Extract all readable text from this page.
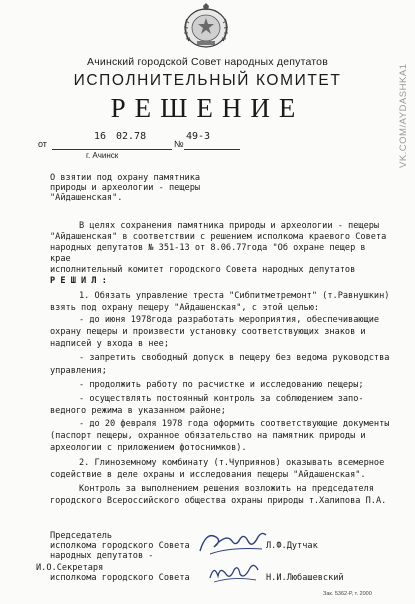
VK.COM/AYDASHKA1
Ачинский городской Совет народных депутатов
ИСПОЛНИТЕЛЬНЫЙ КОМИТЕТ
РЕШЕНИЕ
от
16 02.78
№
49-3
г. Ачинск
О взятии под охрану памятника
природы и археологии - пещеры
"Айдашенская".
В целях сохранения памятника природы и археологии - пещеры
"Айдашенская" в соответствии с решением исполкома краевого Совета
народных депутатов № 351-13 от 8.06.77года "Об охране пещер в
крае
исполнительный комитет городского Совета народных депутатов
Р Е Ш И Л :
1. Обязать управление треста "Сибпитметремонт" (т.Равнушкин)
взять под охрану пещеру "Айдашенская", с этой целью:
- до июня 1978года разработать мероприятия, обеспечивающие
охрану пещеры и произвести установку соответствующих знаков и
надписей у входа в нее;
- запретить свободный допуск в пещеру без ведома руководства
управления;
- продолжить работу по расчистке и исследованию пещеры;
- осуществлять постоянный контроль за соблюдением запо-
ведного режима в указанном районе;
- до 20 февраля 1978 года оформить соответствующие документы
(паспорт пещеры, охранное обязательство на памятник природы и
археологии с приложением фотоснимков).
2. Глиноземному комбинату (т.Чуприянов) оказывать всемерное
содействие в деле охраны и исследования пещеры "Айдашенская".
Контроль за выполнением решения возложить на председателя
городского Всероссийского общества охраны природы т.Халипова П.А.
Председатель
исполкома городского Совета
народных депутатов -
Л.Ф.Дутчак
И.О.Секретаря
исполкома городского Совета	Н.И.Любашевский
Зак. 5362-Р, т. 2000
